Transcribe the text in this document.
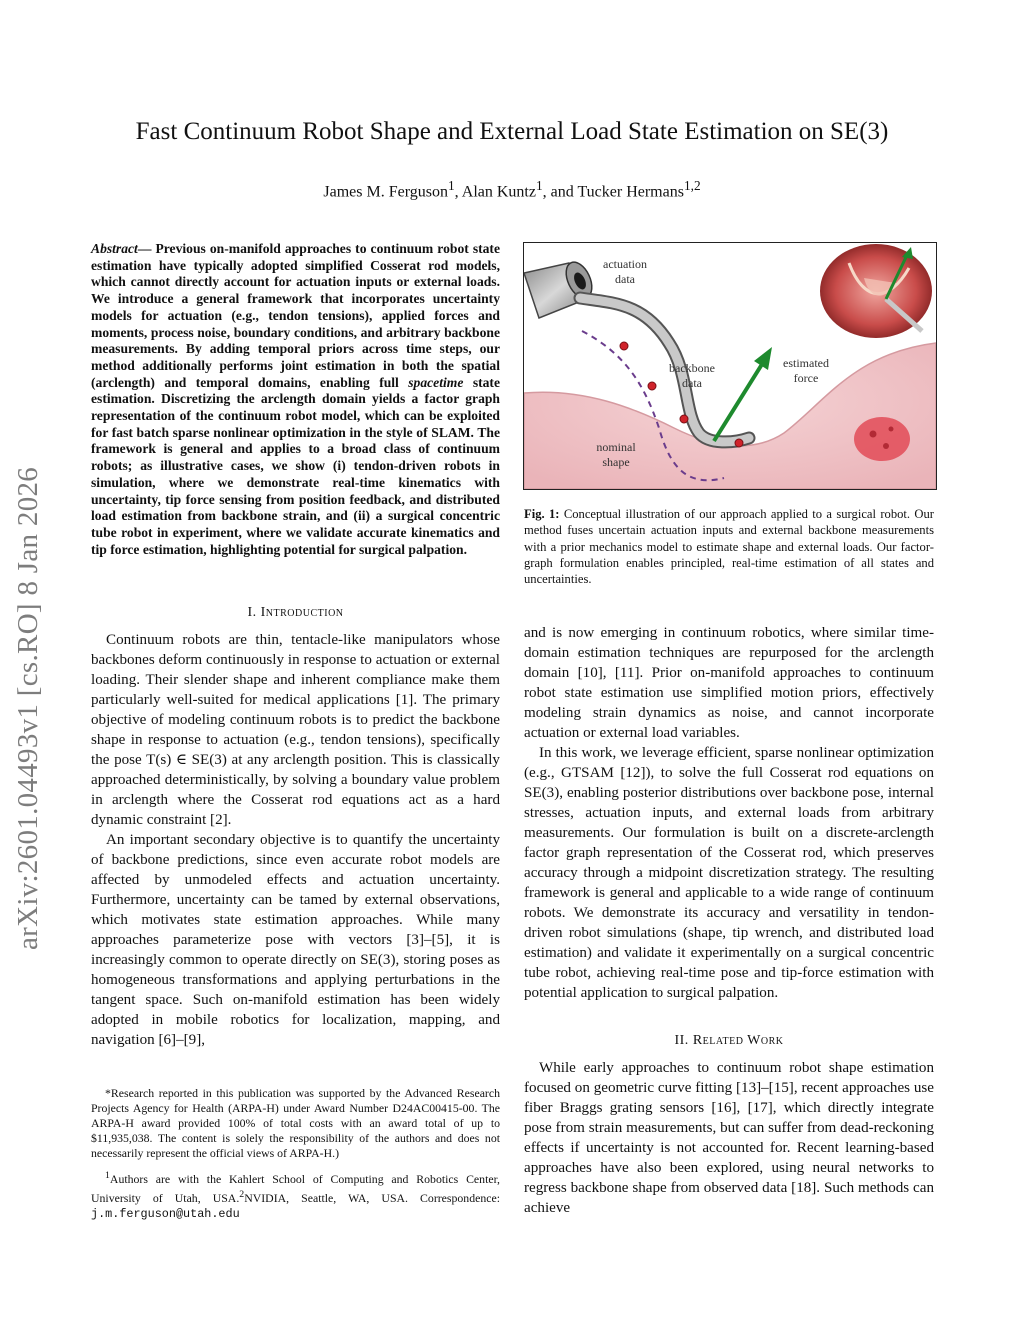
Fast Continuum Robot Shape and External Load State Estimation on SE(3)
James M. Ferguson$^1$, Alan Kuntz$^1$, and Tucker Hermans$^{1,2}$
arXiv:2601.04493v1 [cs.RO] 8 Jan 2026
Abstract— Previous on-manifold approaches to continuum robot state estimation have typically adopted simplified Cosserat rod models, which cannot directly account for actuation inputs or external loads. We introduce a general framework that incorporates uncertainty models for actuation (e.g., tendon tensions), applied forces and moments, process noise, boundary conditions, and arbitrary backbone measurements. By adding temporal priors across time steps, our method additionally performs joint estimation in both the spatial (arclength) and temporal domains, enabling full spacetime state estimation. Discretizing the arclength domain yields a factor graph representation of the continuum robot model, which can be exploited for fast batch sparse nonlinear optimization in the style of SLAM. The framework is general and applies to a broad class of continuum robots; as illustrative cases, we show (i) tendon-driven robots in simulation, where we demonstrate real-time kinematics with uncertainty, tip force sensing from position feedback, and distributed load estimation from backbone strain, and (ii) a surgical concentric tube robot in experiment, where we validate accurate kinematics and tip force estimation, highlighting potential for surgical palpation.
I. Introduction

Continuum robots are thin, tentacle-like manipulators whose backbones deform continuously in response to actuation or external loading. Their slender shape and inherent compliance make them particularly well-suited for medical applications [1]. The primary objective of modeling continuum robots is to predict the backbone shape in response to actuation (e.g., tendon tensions), specifically the pose T(s) ∈ SE(3) at any arclength position. This is classically approached deterministically, by solving a boundary value problem in arclength where the Cosserat rod equations act as a hard dynamic constraint [2].

An important secondary objective is to quantify the uncertainty of backbone predictions, since even accurate robot models are affected by unmodeled effects and actuation uncertainty. Furthermore, uncertainty can be tamed by external observations, which motivates state estimation approaches. While many approaches parameterize pose with vectors [3]–[5], it is increasingly common to operate directly on SE(3), storing poses as homogeneous transformations and applying perturbations in the tangent space. Such on-manifold estimation has been widely adopted in mobile robotics for localization, mapping, and navigation [6]–[9],

*Research reported in this publication was supported by the Advanced Research Projects Agency for Health (ARPA-H) under Award Number D24AC00415-00. The ARPA-H award provided 100% of total costs with an award total of up to $11,935,038. The content is solely the responsibility of the authors and does not necessarily represent the official views of ARPA-H.)

$^1$Authors are with the Kahlert School of Computing and Robotics Center, University of Utah, USA.$^2$NVIDIA, Seattle, WA, USA. Correspondence: j.m.ferguson@utah.edu

actuation
data
backbone
data
estimated
force
nominal
shape
Fig. 1: Conceptual illustration of our approach applied to a surgical robot. Our method fuses uncertain actuation inputs and external backbone measurements with a prior mechanics model to estimate shape and external loads. Our factor-graph formulation enables principled, real-time estimation of all states and uncertainties.

and is now emerging in continuum robotics, where similar time-domain estimation techniques are repurposed for the arclength domain [10], [11]. Prior on-manifold approaches to continuum robot state estimation use simplified motion priors, effectively modeling strain dynamics as noise, and cannot incorporate actuation or external load variables.

In this work, we leverage efficient, sparse nonlinear optimization (e.g., GTSAM [12]), to solve the full Cosserat rod equations on SE(3), enabling posterior distributions over backbone pose, internal stresses, actuation inputs, and external loads from arbitrary measurements. Our formulation is built on a discrete-arclength factor graph representation of the Cosserat rod, which preserves accuracy through a midpoint discretization strategy. The resulting framework is general and applicable to a wide range of continuum robots. We demonstrate its accuracy and versatility in tendon-driven robot simulations (shape, tip wrench, and distributed load estimation) and validate it experimentally on a surgical concentric tube robot, achieving real-time pose and tip-force estimation with potential application to surgical palpation.

II. Related Work

While early approaches to continuum robot shape estimation focused on geometric curve fitting [13]–[15], recent approaches use fiber Braggs grating sensors [16], [17], which directly integrate pose from strain measurements, but can suffer from dead-reckoning effects if uncertainty is not accounted for. Recent learning-based approaches have also been explored, using neural networks to regress backbone shape from observed data [18]. Such methods can achieve
